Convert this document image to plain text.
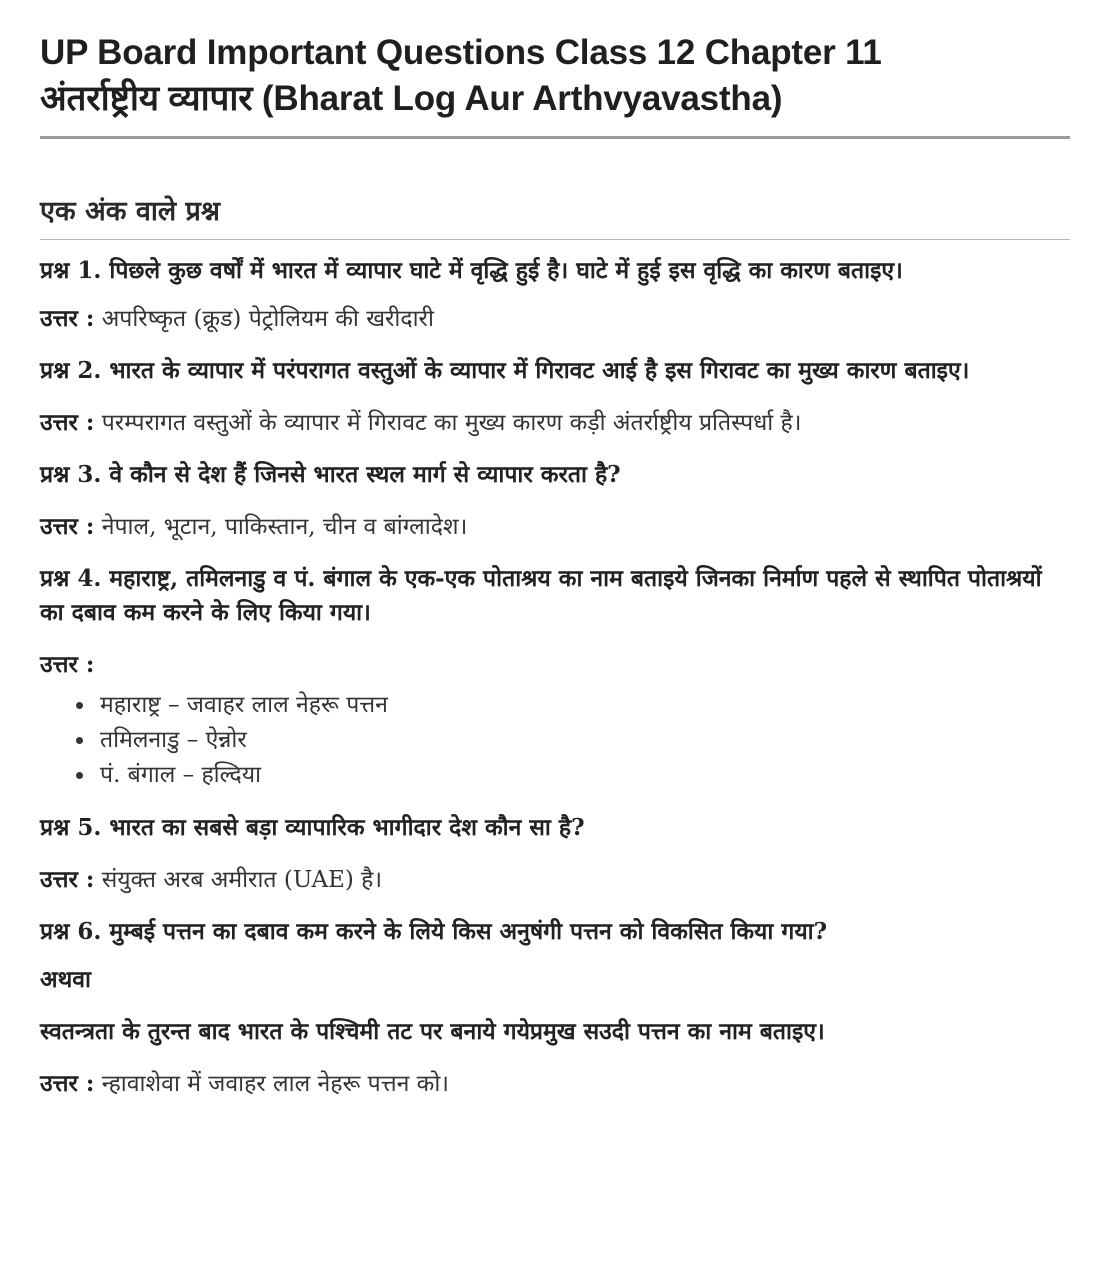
UP Board Important Questions Class 12 Chapter 11
अंतर्राष्ट्रीय व्यापार (Bharat Log Aur Arthvyavastha)
एक अंक वाले प्रश्न

प्रश्न 1. पिछले कुछ वर्षों में भारत में व्यापार घाटे में वृद्धि हुई है। घाटे में हुई इस वृद्धि का कारण बताइए।

उत्तर : अपरिष्कृत (क्रूड) पेट्रोलियम की खरीदारी

प्रश्न 2. भारत के व्यापार में परंपरागत वस्तुओं के व्यापार में गिरावट आई है इस गिरावट का मुख्य कारण बताइए।

उत्तर : परम्परागत वस्तुओं के व्यापार में गिरावट का मुख्य कारण कड़ी अंतर्राष्ट्रीय प्रतिस्पर्धा है।

प्रश्न 3. वे कौन से देश हैं जिनसे भारत स्थल मार्ग से व्यापार करता है?

उत्तर : नेपाल, भूटान, पाकिस्तान, चीन व बांग्लादेश।

प्रश्न 4. महाराष्ट्र, तमिलनाडु व पं. बंगाल के एक-एक पोताश्रय का नाम बताइये जिनका निर्माण पहले से स्थापित पोताश्रयों का दबाव कम करने के लिए किया गया।

उत्तर :

महाराष्ट्र – जवाहर लाल नेहरू पत्तन
तमिलनाडु – ऐन्नोर
पं. बंगाल – हल्दिया

प्रश्न 5. भारत का सबसे बड़ा व्यापारिक भागीदार देश कौन सा है?

उत्तर : संयुक्त अरब अमीरात (UAE) है।

प्रश्न 6. मुम्बई पत्तन का दबाव कम करने के लिये किस अनुषंगी पत्तन को विकसित किया गया?

अथवा

स्वतन्त्रता के तुरन्त बाद भारत के पश्चिमी तट पर बनाये गयेप्रमुख सउदी पत्तन का नाम बताइए।

उत्तर : न्हावाशेवा में जवाहर लाल नेहरू पत्तन को।
